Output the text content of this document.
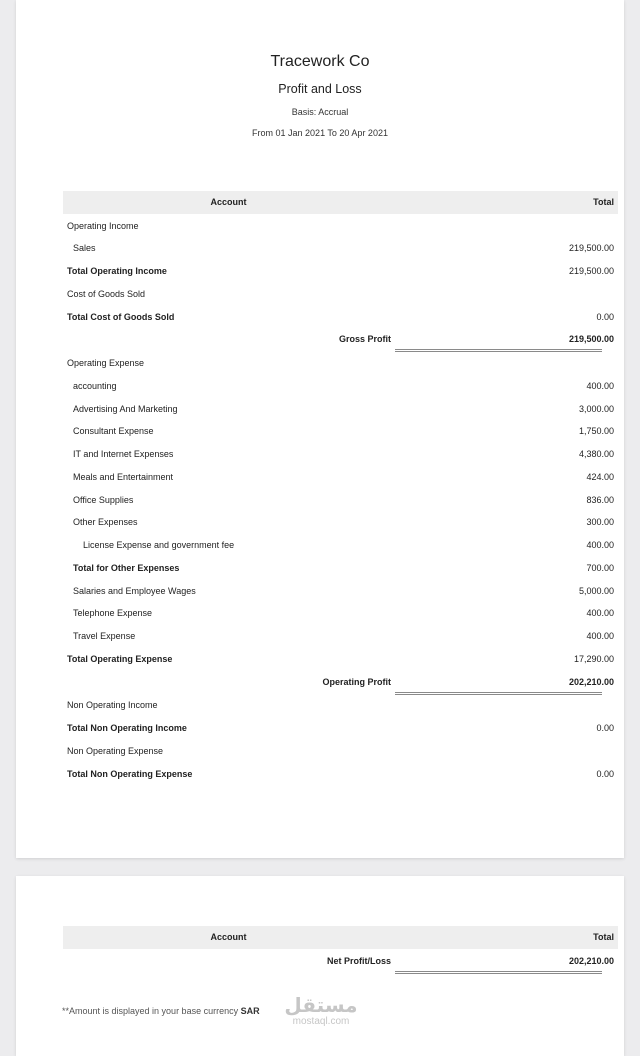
Tracework Co
Profit and Loss
Basis: Accrual
From 01 Jan 2021 To 20 Apr 2021
Account	Total
Operating Income
Sales	219,500.00
Total Operating Income	219,500.00
Cost of Goods Sold
Total Cost of Goods Sold	0.00
Gross Profit	219,500.00
Operating Expense
accounting	400.00
Advertising And Marketing	3,000.00
Consultant Expense	1,750.00
IT and Internet Expenses	4,380.00
Meals and Entertainment	424.00
Office Supplies	836.00
Other Expenses	300.00
License Expense and government fee	400.00
Total for Other Expenses	700.00
Salaries and Employee Wages	5,000.00
Telephone Expense	400.00
Travel Expense	400.00
Total Operating Expense	17,290.00
Operating Profit	202,210.00
Non Operating Income
Total Non Operating Income	0.00
Non Operating Expense
Total Non Operating Expense	0.00
Account	Total
Net Profit/Loss	202,210.00
**Amount is displayed in your base currency SAR مستقل
mostaql.com
